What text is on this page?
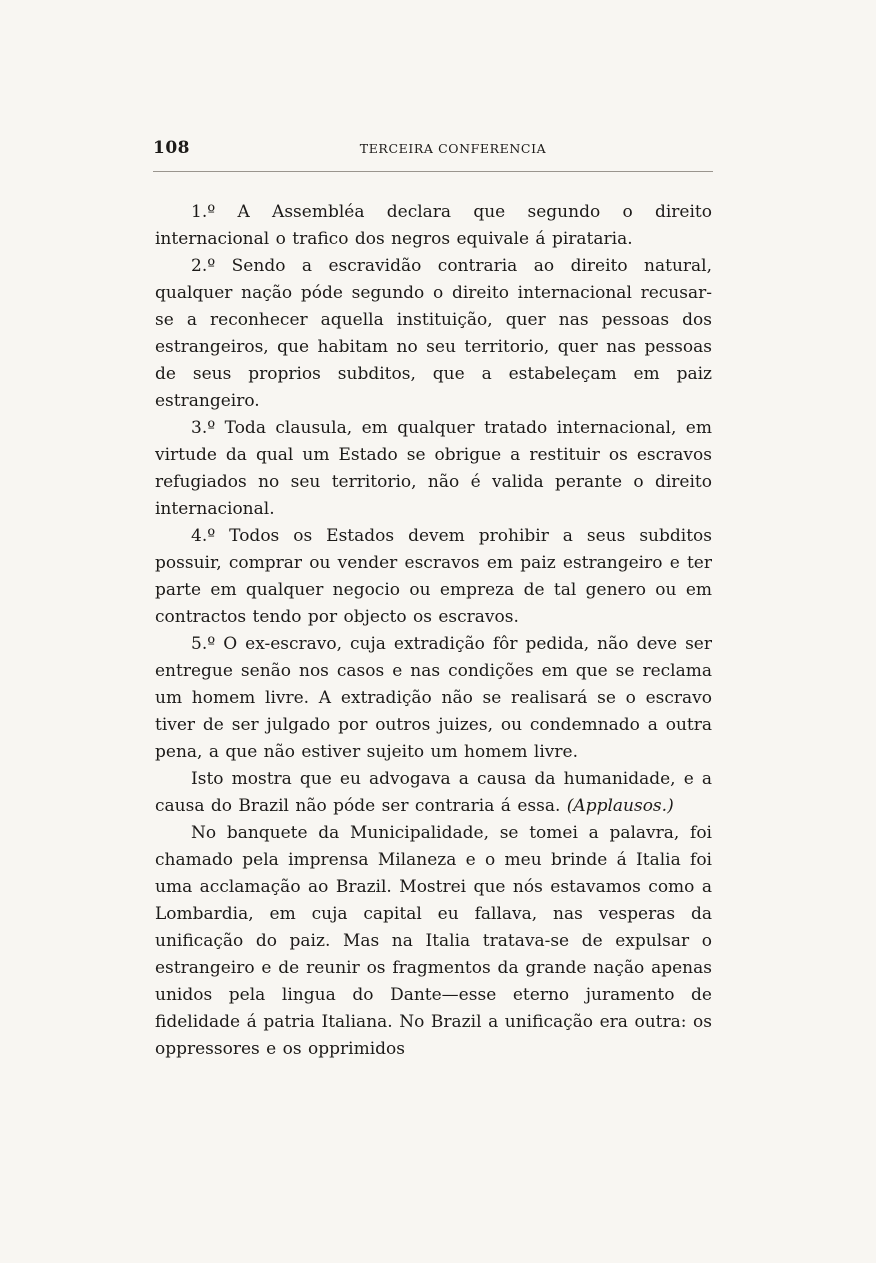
108	TERCEIRA CONFERENCIA

1.º A Assembléa declara que segundo o direito internacional o trafico dos negros equivale á pirataria.

2.º Sendo a escravidão contraria ao direito natural, qualquer nação póde segundo o direito internacional recusar-se a reconhecer aquella instituição, quer nas pessoas dos estrangeiros, que habitam no seu territorio, quer nas pessoas de seus proprios subditos, que a estabeleçam em paiz estrangeiro.

3.º Toda clausula, em qualquer tratado internacional, em virtude da qual um Estado se obrigue a restituir os escravos refugiados no seu territorio, não é valida perante o direito internacional.

4.º Todos os Estados devem prohibir a seus subditos possuir, comprar ou vender escravos em paiz estrangeiro e ter parte em qualquer negocio ou empreza de tal genero ou em contractos tendo por objecto os escravos.

5.º O ex-escravo, cuja extradição fôr pedida, não deve ser entregue senão nos casos e nas condições em que se reclama um homem livre. A extradição não se realisará se o escravo tiver de ser julgado por outros juizes, ou condemnado a outra pena, a que não estiver sujeito um homem livre.

Isto mostra que eu advogava a causa da humanidade, e a causa do Brazil não póde ser contraria á essa. (Applausos.)

No banquete da Municipalidade, se tomei a palavra, foi chamado pela imprensa Milaneza e o meu brinde á Italia foi uma acclamação ao Brazil. Mostrei que nós estavamos como a Lombardia, em cuja capital eu fallava, nas vesperas da unificação do paiz. Mas na Italia tratava-se de expulsar o estrangeiro e de reunir os fragmentos da grande nação apenas unidos pela lingua do Dante—esse eterno juramento de fidelidade á patria Italiana. No Brazil a unificação era outra: os oppressores e os opprimidos
